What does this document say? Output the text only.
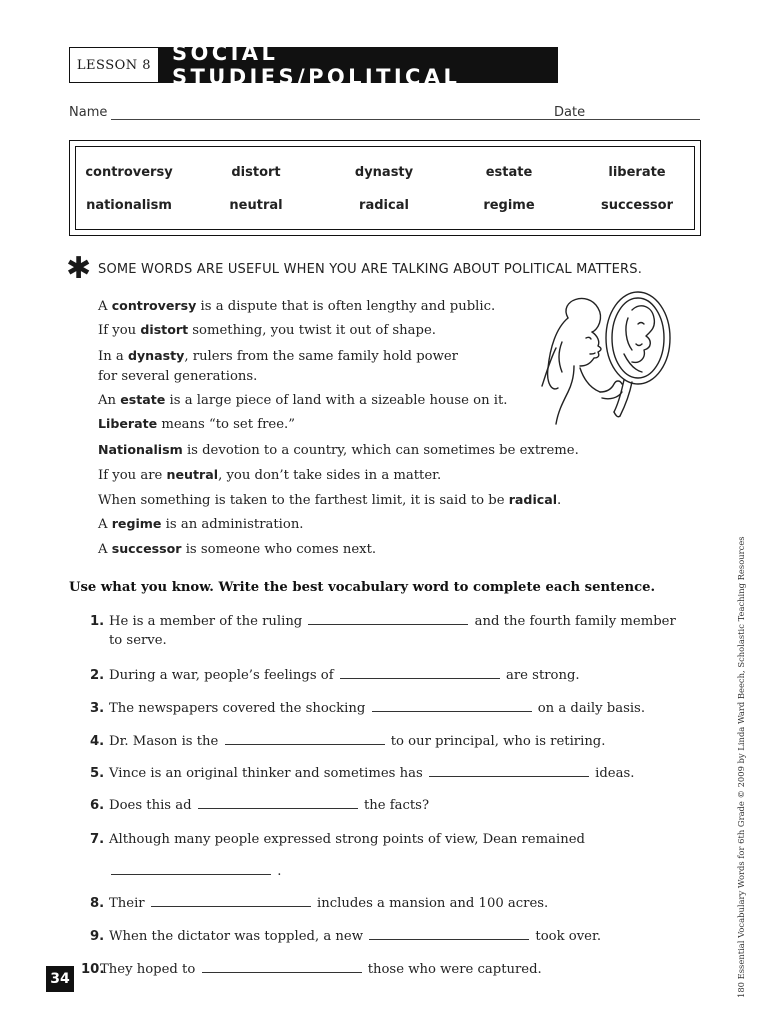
LESSON 8 SOCIAL STUDIES/POLITICAL
Name	Date
controversy	distort	dynasty	estate	liberate
nationalism	neutral	radical	regime	successor
✱ SOME WORDS ARE USEFUL WHEN YOU ARE TALKING ABOUT POLITICAL MATTERS.
A controversy is a dispute that is often lengthy and public.
If you distort something, you twist it out of shape.
In a dynasty, rulers from the same family hold power
for several generations.
An estate is a large piece of land with a sizeable house on it.
Liberate means “to set free.”
Nationalism is devotion to a country, which can sometimes be extreme.
If you are neutral, you don’t take sides in a matter.
When something is taken to the farthest limit, it is said to be radical.
A regime is an administration.
A successor is someone who comes next.
Use what you know. Write the best vocabulary word to complete each sentence.
1. He is a member of the ruling	and the fourth family member
to serve.
2. During a war, people’s feelings of	are strong.
3. The newspapers covered the shocking	on a daily basis.
4. Dr. Mason is the	to our principal, who is retiring.
5. Vince is an original thinker and sometimes has	ideas.
6. Does this ad	the facts?
7. Although many people expressed strong points of view, Dean remained
.
8. Their	includes a mansion and 100 acres.
9. When the dictator was toppled, a new	took over.
10.They hoped to	those who were captured.
34	180 Essential Vocabulary Words for 6th Grade © 2009 by Linda Ward Beech, Scholastic Teaching Resources
